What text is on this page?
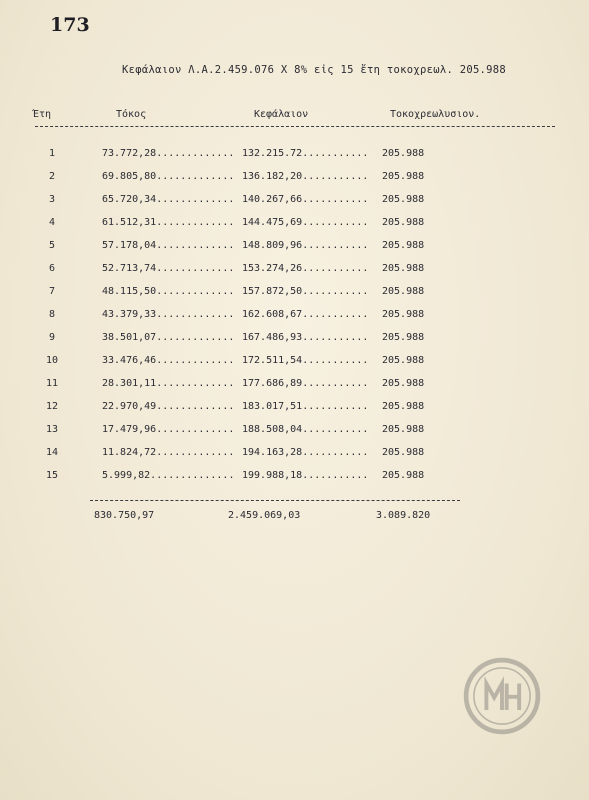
173
Κεφάλαιον Λ.Α.2.459.076 Χ 8% εἰς 15 ἔτη τοκοχρεωλ. 205.988
Έτη	Τόκος	Κεφάλαιον	Τοκοχρεωλυσιον.
1	73.772,28............. 132.215.72........... 205.988
2	69.805,80............. 136.182,20........... 205.988
3	65.720,34............. 140.267,66........... 205.988
4	61.512,31............. 144.475,69........... 205.988
5	57.178,04............. 148.809,96........... 205.988
6	52.713,74............. 153.274,26........... 205.988
7	48.115,50............. 157.872,50........... 205.988
8	43.379,33............. 162.608,67........... 205.988
9	38.501,07............. 167.486,93........... 205.988
10	33.476,46............. 172.511,54........... 205.988
11	28.301,11............. 177.686,89........... 205.988
12	22.970,49............. 183.017,51........... 205.988
13	17.479,96............. 188.508,04........... 205.988
14	11.824,72............. 194.163,28........... 205.988
15	5.999,82.............. 199.988,18........... 205.988
830.750,97	2.459.069,03	3.089.820
